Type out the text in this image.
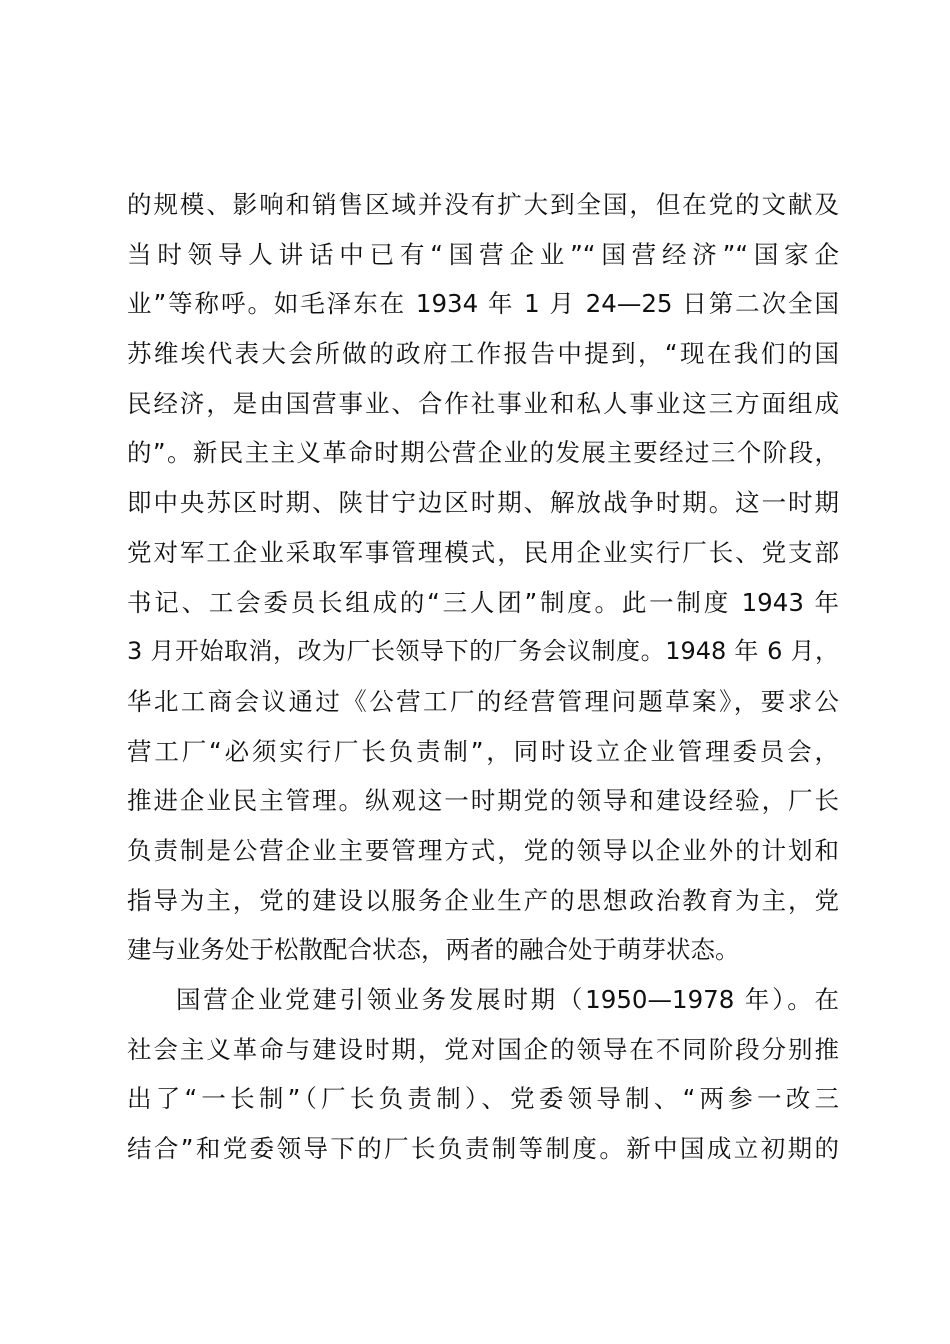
的规模、影响和销售区域并没有扩大到全国，但在党的文献及
当时领导人讲话中已有“国营企业”“国营经济”“国家企
业”等称呼。如毛泽东在 1934 年 1 月 24—25 日第二次全国
苏维埃代表大会所做的政府工作报告中提到，“现在我们的国
民经济，是由国营事业、合作社事业和私人事业这三方面组成
的”。新民主主义革命时期公营企业的发展主要经过三个阶段，
即中央苏区时期、陕甘宁边区时期、解放战争时期。这一时期
党对军工企业采取军事管理模式，民用企业实行厂长、党支部
书记、工会委员长组成的“三人团”制度。此一制度 1943 年
3 月开始取消，改为厂长领导下的厂务会议制度。1948 年 6 月，
华北工商会议通过《公营工厂的经营管理问题草案》，要求公
营工厂“必须实行厂长负责制”，同时设立企业管理委员会，
推进企业民主管理。纵观这一时期党的领导和建设经验，厂长
负责制是公营企业主要管理方式，党的领导以企业外的计划和
指导为主，党的建设以服务企业生产的思想政治教育为主，党
建与业务处于松散配合状态，两者的融合处于萌芽状态。
国营企业党建引领业务发展时期（1950—1978 年）。在
社会主义革命与建设时期，党对国企的领导在不同阶段分别推
出了“一长制”（厂长负责制）、党委领导制、“两参一改三
结合”和党委领导下的厂长负责制等制度。新中国成立初期的
